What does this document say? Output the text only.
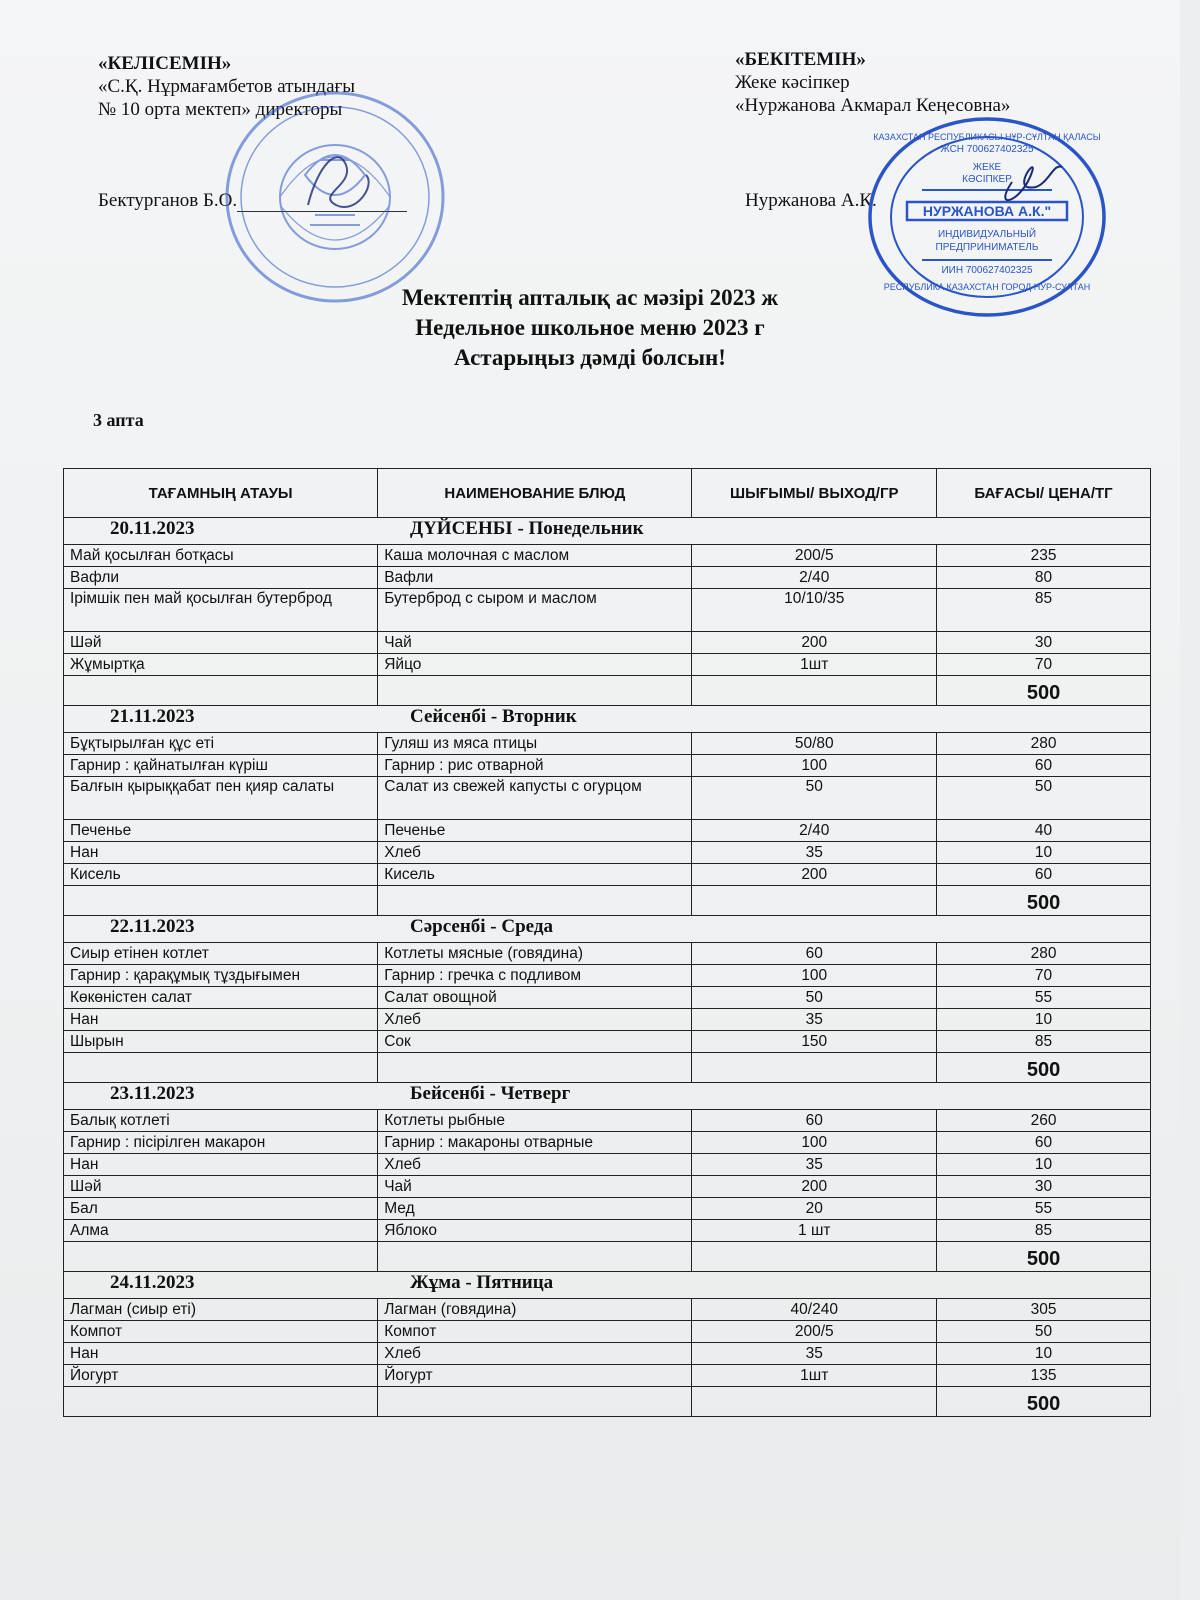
«КЕЛІСЕМІН»
«С.Қ. Нұрмағамбетов атындағы
№ 10 орта мектеп» директоры
Бектурганов Б.О.
«БЕКІТЕМІН»
Жеке кәсіпкер
«Нуржанова Акмарал Кеңесовна»
Нуржанова А.К.
КАЗАХСТАН РЕСПУБЛИКАСЫ НҰР-СҰЛТАН ҚАЛАСЫ
ЖСН 700627402325
ЖЕКЕ
КӘСІПКЕР
НУРЖАНОВА А.К."
ИНДИВИДУАЛЬНЫЙ
ПРЕДПРИНИМАТЕЛЬ
ИИН 700627402325
РЕСПУБЛИКА КАЗАХСТАН ГОРОД НУР-СУЛТАН
Мектептің апталық ас мәзірі 2023 ж
Недельное школьное меню 2023 г
Астарыңыз дәмді болсын!
3 апта
ТАҒАМНЫҢ АТАУЫ	НАИМЕНОВАНИЕ БЛЮД	ШЫҒЫМЫ/ ВЫХОД/ГР	БАҒАСЫ/ ЦЕНА/ТГ
20.11.2023 ДҮЙСЕНБІ - Понедельник			
Май қосылған ботқасы	Каша молочная с маслом	200/5	235
Вафли	Вафли	2/40	80
Ірімшік пен май қосылған бутерброд	Бутерброд с сыром и маслом	10/10/35	85
Шәй	Чай	200	30
Жұмыртқа	Яйцо	1шт	70
			500
21.11.2023 Сейсенбі - Вторник			
Бұқтырылған құс еті	Гуляш из мяса птицы	50/80	280
Гарнир : қайнатылған күріш	Гарнир : рис отварной	100	60
Балғын қырыққабат пен қияр салаты	Салат из свежей капусты с огурцом	50	50
Печенье	Печенье	2/40	40
Нан	Хлеб	35	10
Кисель	Кисель	200	60
			500
22.11.2023 Сәрсенбі - Среда			
Сиыр етінен котлет	Котлеты мясные (говядина)	60	280
Гарнир : қарақұмық тұздығымен	Гарнир : гречка с подливом	100	70
Көкөністен салат	Салат овощной	50	55
Нан	Хлеб	35	10
Шырын	Сок	150	85
			500
23.11.2023 Бейсенбі - Четверг			
Балық котлеті	Котлеты рыбные	60	260
Гарнир : пісірілген макарон	Гарнир : макароны отварные	100	60
Нан	Хлеб	35	10
Шәй	Чай	200	30
Бал	Мед	20	55
Алма	Яблоко	1 шт	85
			500
24.11.2023 Жұма - Пятница			
Лагман (сиыр еті)	Лагман (говядина)	40/240	305
Компот	Компот	200/5	50
Нан	Хлеб	35	10
Йогурт	Йогурт	1шт	135
			500
